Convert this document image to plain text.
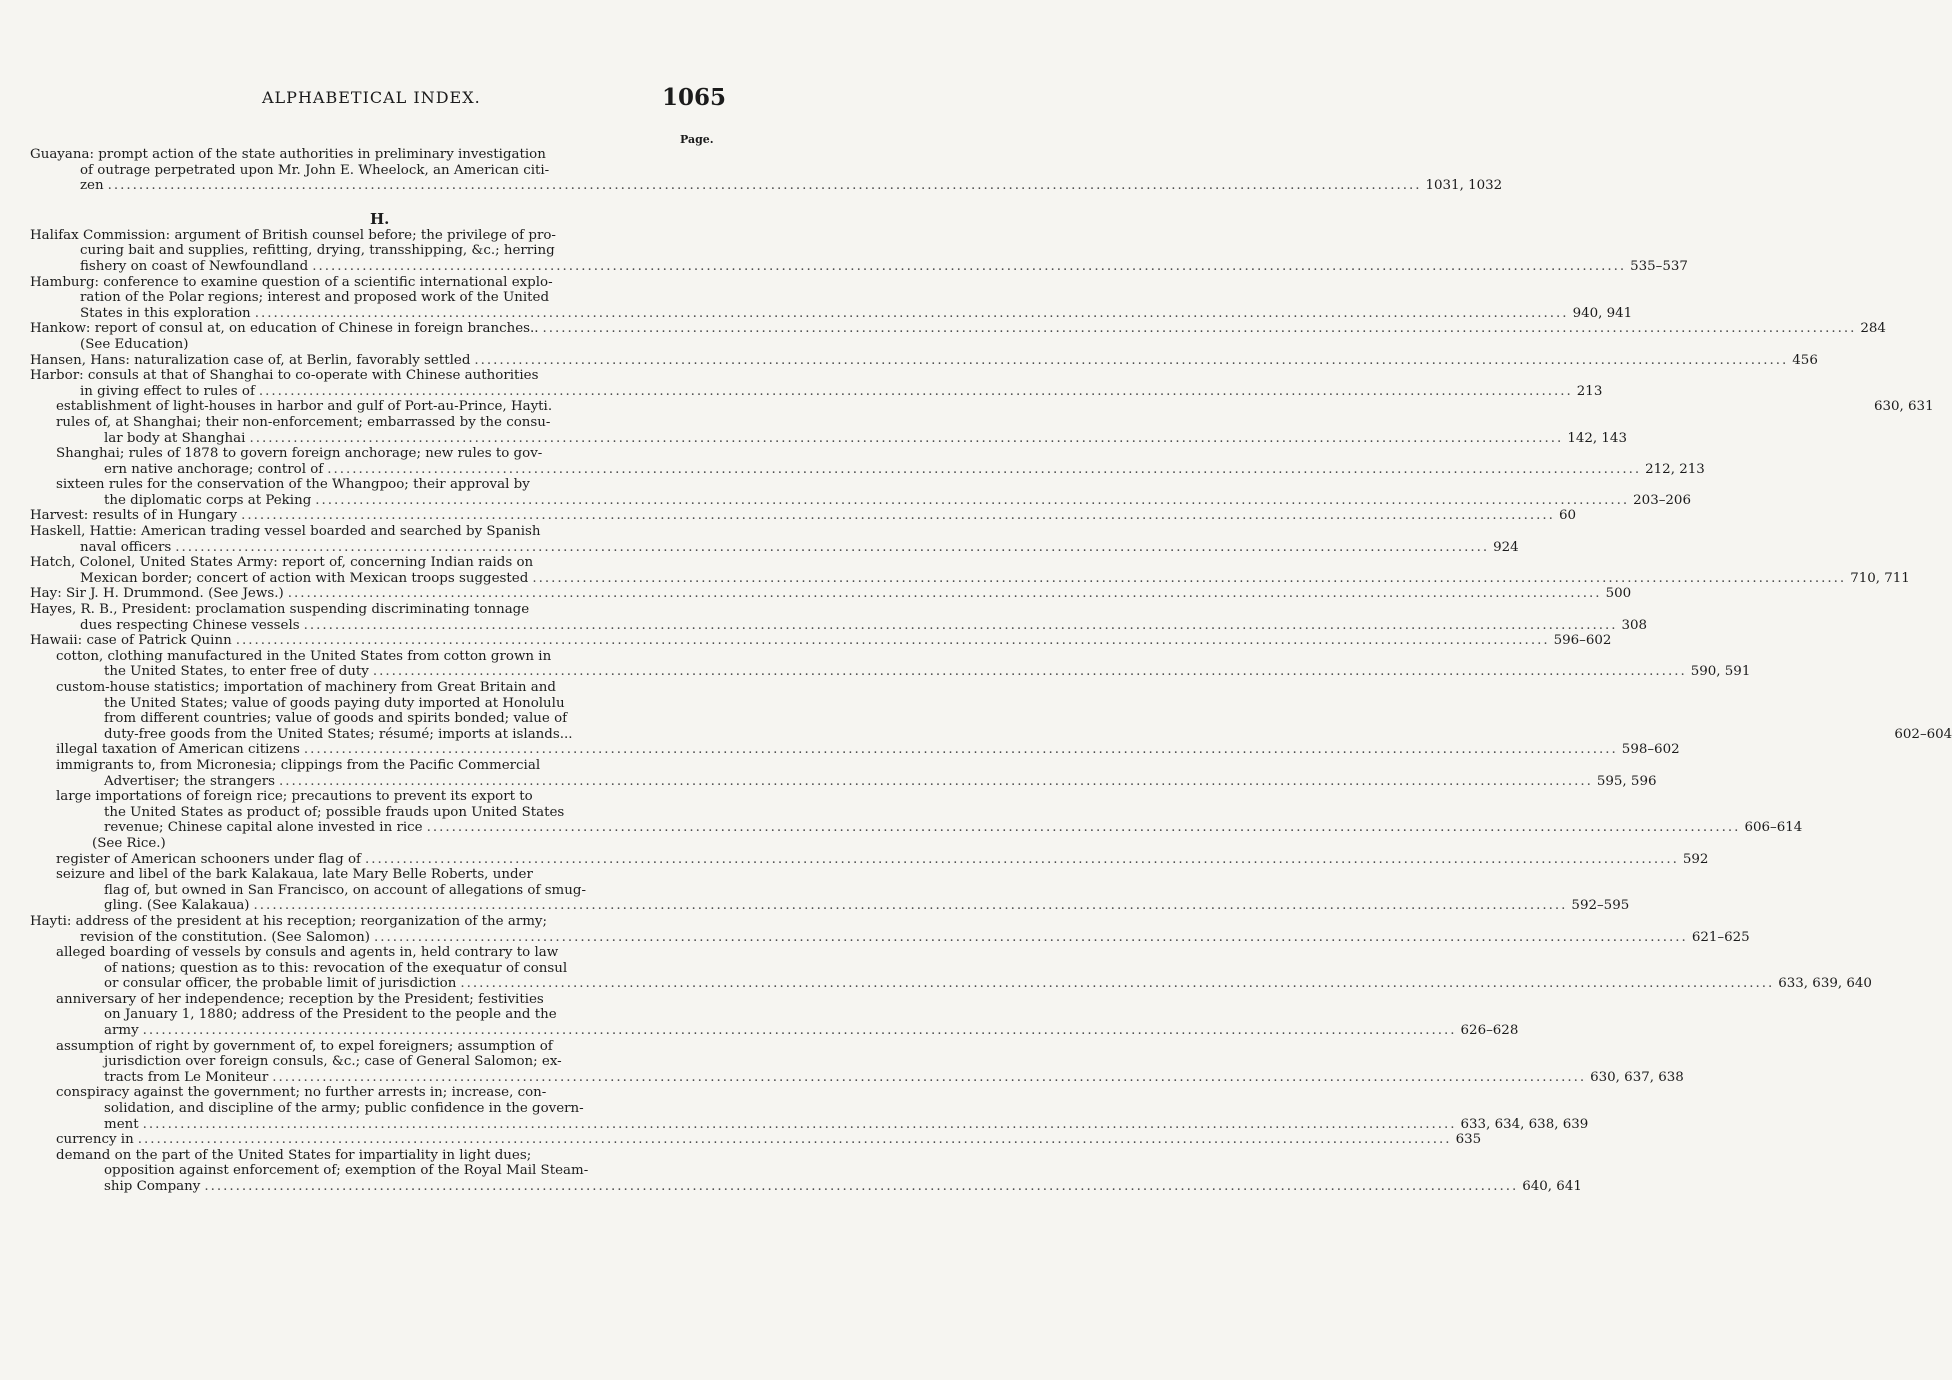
ALPHABETICAL INDEX.	1065
Page.
H.
Guayana: prompt action of the state authorities in preliminary investigation
of outrage perpetrated upon Mr. John E. Wheelock, an American citi-
zen .....	1031, 1032
Halifax Commission: argument of British counsel before; the privilege of pro-
curing bait and supplies, refitting, drying, transshipping, &c.; herring
fishery on coast of Newfoundland .....	535–537
Hamburg: conference to examine question of a scientific international explo-
ration of the Polar regions; interest and proposed work of the United
States in this exploration .....	940, 941
Hankow: report of consul at, on education of Chinese in foreign branches.. .....	284
(See Education)
Hansen, Hans: naturalization case of, at Berlin, favorably settled .....	456
Harbor: consuls at that of Shanghai to co-operate with Chinese authorities
in giving effect to rules of .....	213
establishment of light-houses in harbor and gulf of Port-au-Prince, Hayti.	630, 631
rules of, at Shanghai; their non-enforcement; embarrassed by the consu-
lar body at Shanghai .....	142, 143
Shanghai; rules of 1878 to govern foreign anchorage; new rules to gov-
ern native anchorage; control of .....	212, 213
sixteen rules for the conservation of the Whangpoo; their approval by
the diplomatic corps at Peking .....	203–206
Harvest: results of in Hungary .....	60
Haskell, Hattie: American trading vessel boarded and searched by Spanish
naval officers .....	924
Hatch, Colonel, United States Army: report of, concerning Indian raids on
Mexican border; concert of action with Mexican troops suggested .....	710, 711
Hay: Sir J. H. Drummond. (See Jews.) .....	500
Hayes, R. B., President: proclamation suspending discriminating tonnage
dues respecting Chinese vessels .....	308
Hawaii: case of Patrick Quinn .....	596–602
cotton, clothing manufactured in the United States from cotton grown in
the United States, to enter free of duty .....	590, 591
custom-house statistics; importation of machinery from Great Britain and
the United States; value of goods paying duty imported at Honolulu
from different countries; value of goods and spirits bonded; value of
duty-free goods from the United States; résumé; imports at islands...	602–604
illegal taxation of American citizens .....	598–602
immigrants to, from Micronesia; clippings from the Pacific Commercial
Advertiser; the strangers .....	595, 596
large importations of foreign rice; precautions to prevent its export to
the United States as product of; possible frauds upon United States
revenue; Chinese capital alone invested in rice .....	606–614
(See Rice.)
register of American schooners under flag of .....	592
seizure and libel of the bark Kalakaua, late Mary Belle Roberts, under
flag of, but owned in San Francisco, on account of allegations of smug-
gling. (See Kalakaua) .....	592–595
Hayti: address of the president at his reception; reorganization of the army;
revision of the constitution. (See Salomon) .....	621–625
alleged boarding of vessels by consuls and agents in, held contrary to law
of nations; question as to this: revocation of the exequatur of consul
or consular officer, the probable limit of jurisdiction .....	633, 639, 640
anniversary of her independence; reception by the President; festivities
on January 1, 1880; address of the President to the people and the
army .....	626–628
assumption of right by government of, to expel foreigners; assumption of
jurisdiction over foreign consuls, &c.; case of General Salomon; ex-
tracts from Le Moniteur .....	630, 637, 638
conspiracy against the government; no further arrests in; increase, con-
solidation, and discipline of the army; public confidence in the govern-
ment .....	633, 634, 638, 639
currency in .....	635
demand on the part of the United States for impartiality in light dues;
opposition against enforcement of; exemption of the Royal Mail Steam-
ship Company .....	640, 641
